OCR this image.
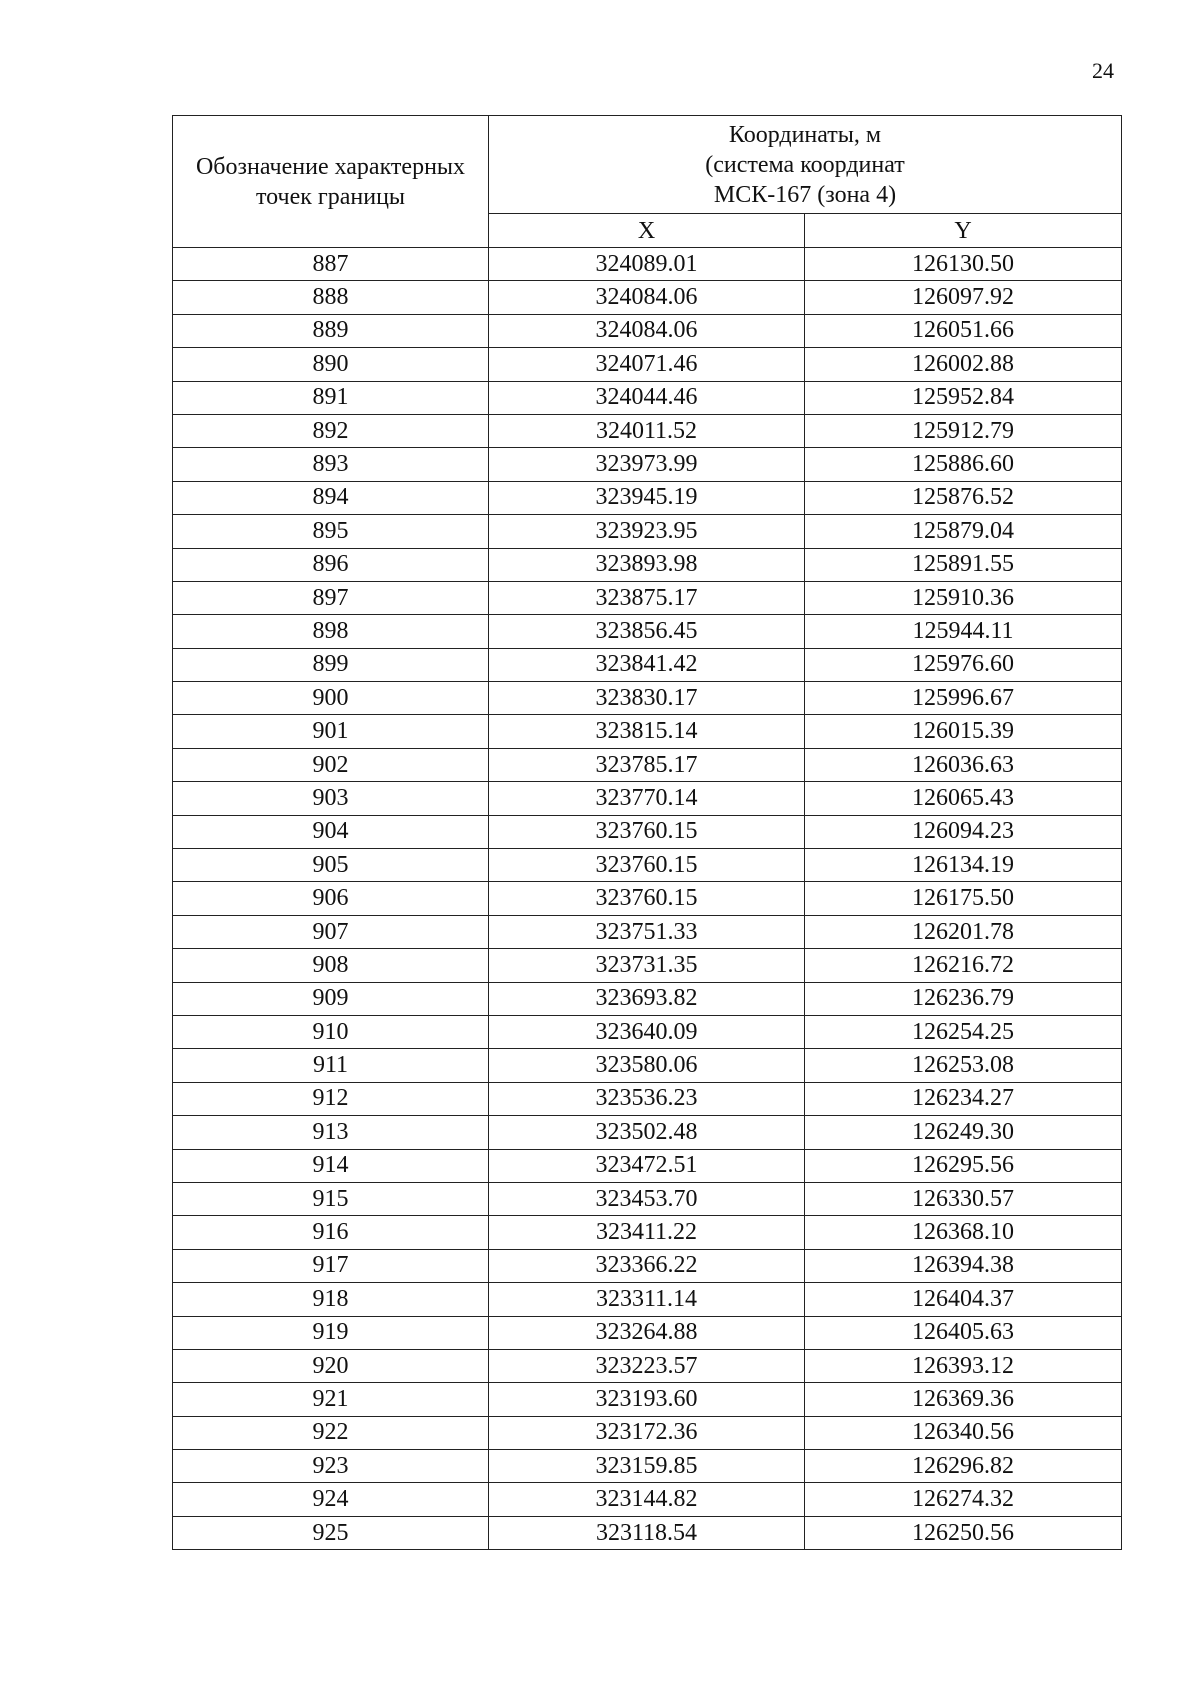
24
Обозначение характерных точек границы	Координаты, м
(система координат
МСК-167 (зона 4)	

	X	Y
887	324089.01	126130.50
888	324084.06	126097.92
889	324084.06	126051.66
890	324071.46	126002.88
891	324044.46	125952.84
892	324011.52	125912.79
893	323973.99	125886.60
894	323945.19	125876.52
895	323923.95	125879.04
896	323893.98	125891.55
897	323875.17	125910.36
898	323856.45	125944.11
899	323841.42	125976.60
900	323830.17	125996.67
901	323815.14	126015.39
902	323785.17	126036.63
903	323770.14	126065.43
904	323760.15	126094.23
905	323760.15	126134.19
906	323760.15	126175.50
907	323751.33	126201.78
908	323731.35	126216.72
909	323693.82	126236.79
910	323640.09	126254.25
911	323580.06	126253.08
912	323536.23	126234.27
913	323502.48	126249.30
914	323472.51	126295.56
915	323453.70	126330.57
916	323411.22	126368.10
917	323366.22	126394.38
918	323311.14	126404.37
919	323264.88	126405.63
920	323223.57	126393.12
921	323193.60	126369.36
922	323172.36	126340.56
923	323159.85	126296.82
924	323144.82	126274.32
925	323118.54	126250.56
